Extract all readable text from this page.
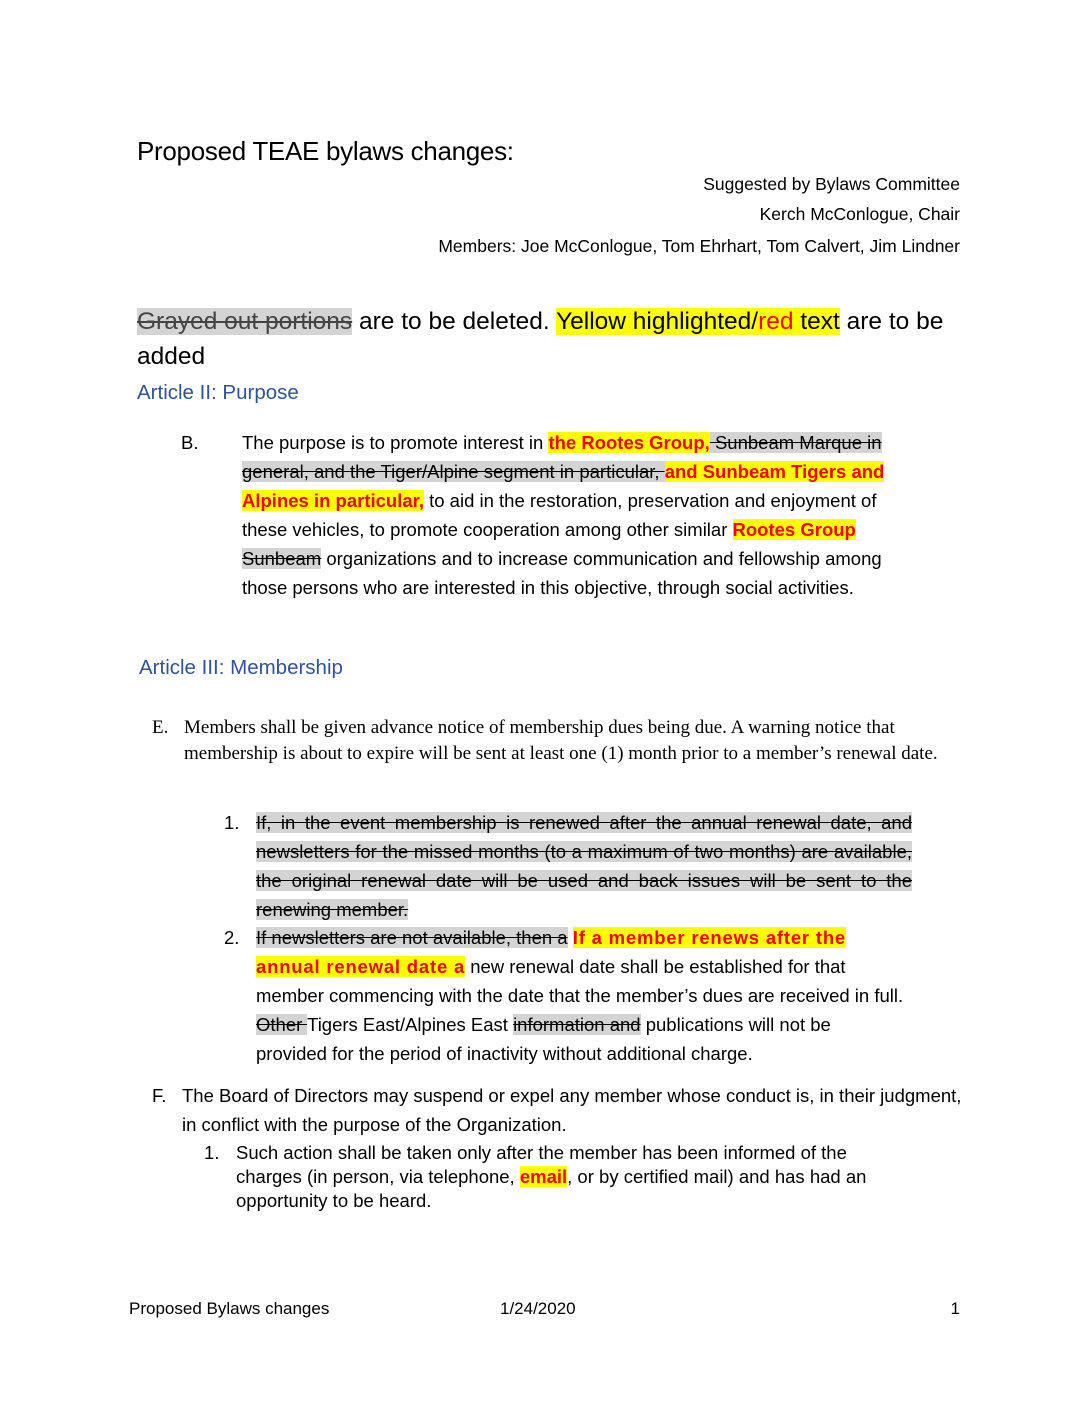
Proposed TEAE bylaws changes:
Suggested by Bylaws Committee
Kerch McConlogue, Chair
Members: Joe McConlogue, Tom Ehrhart, Tom Calvert, Jim Lindner
Grayed out portions are to be deleted. Yellow highlighted/red text are to be added
Article II: Purpose
B. The purpose is to promote interest in the Rootes Group, Sunbeam Marque in general, and the Tiger/Alpine segment in particular, and Sunbeam Tigers and Alpines in particular, to aid in the restoration, preservation and enjoyment of these vehicles, to promote cooperation among other similar Rootes Group Sunbeam organizations and to increase communication and fellowship among those persons who are interested in this objective, through social activities.
Article III: Membership
E. Members shall be given advance notice of membership dues being due. A warning notice that membership is about to expire will be sent at least one (1) month prior to a member’s renewal date.
1. If, in the event membership is renewed after the annual renewal date, and newsletters for the missed months (to a maximum of two months) are available, the original renewal date will be used and back issues will be sent to the renewing member.
2. If newsletters are not available, then a If a member renews after the annual renewal date a new renewal date shall be established for that member commencing with the date that the member’s dues are received in full. Other Tigers East/Alpines East information and publications will not be provided for the period of inactivity without additional charge.
F. The Board of Directors may suspend or expel any member whose conduct is, in their judgment, in conflict with the purpose of the Organization.
1. Such action shall be taken only after the member has been informed of the charges (in person, via telephone, email, or by certified mail) and has had an opportunity to be heard.
Proposed Bylaws changes	1/24/2020	1
